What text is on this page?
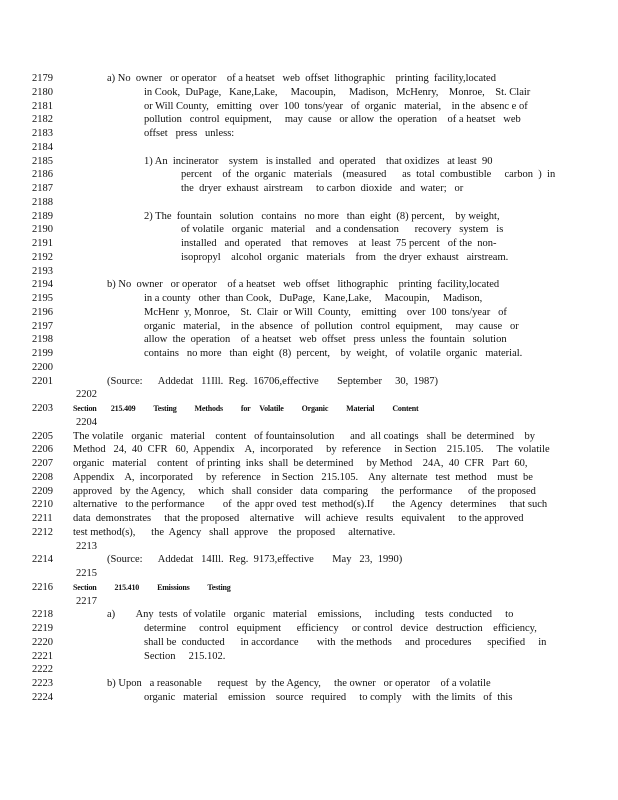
2179	a) No  owner   or operator    of a heatset   web  offset  lithographic    printing  facility,located
2180	in Cook,  DuPage,   Kane,Lake,     Macoupin,     Madison,   McHenry,    Monroe,    St. Clair
2181	or Will County,   emitting   over  100  tons/year   of  organic   material,    in the  absenc e of
2182	pollution   control  equipment,     may  cause   or allow  the  operation    of a heatset   web
2183	offset   press   unless:
2184
2185	1) An  incinerator    system   is installed   and  operated    that oxidizes   at least  90
2186	percent    of  the  organic   materials    (measured      as  total  combustible     carbon  )  in
2187	the  dryer  exhaust  airstream     to carbon  dioxide   and  water;   or
2188
2189	2) The  fountain   solution   contains   no more   than  eight  (8) percent,    by weight,
2190	of volatile   organic   material    and  a condensation      recovery   system   is
2191	installed   and  operated    that  removes    at  least  75 percent   of the  non-
2192	isopropyl    alcohol  organic   materials    from   the dryer  exhaust   airstream.
2193
2194	b) No  owner   or operator    of a heatset   web  offset   lithographic    printing  facility,located
2195	in a county   other  than Cook,   DuPage,   Kane,Lake,     Macoupin,     Madison,
2196	McHenr  y, Monroe,    St.  Clair  or Will  County,    emitting    over  100  tons/year   of
2197	organic   material,    in the  absence   of  pollution   control  equipment,     may  cause   or
2198	allow  the  operation    of  a heatset   web  offset   press  unless  the  fountain   solution
2199	contains   no more   than  eight  (8)  percent,    by  weight,   of  volatile  organic   material.
2200
2201	(Source:      Addedat   11Ill.  Reg.  16706,effective       September     30,  1987)
2202
2203	Section        215.409          Testing          Methods          for     Volatile          Organic          Material          Content
2204
2205	The volatile   organic   material    content   of fountainsolution      and  all coatings   shall  be  determined    by
2206	Method   24,  40  CFR   60,  Appendix    A,  incorporated     by  reference     in Section    215.105.     The  volatile
2207	organic   material    content   of printing  inks  shall  be determined     by Method    24A,  40  CFR   Part  60,
2208	Appendix    A,  incorporated     by  reference    in Section   215.105.    Any  alternate   test  method    must  be
2209	approved   by  the Agency,     which   shall  consider   data  comparing     the  performance      of  the proposed
2210	alternative   to the performance       of  the  appr oved  test  method(s).If       the  Agency   determines     that such
2211	data  demonstrates     that  the proposed    alternative    will  achieve   results   equivalent     to the approved
2212	test method(s),      the  Agency   shall  approve    the  proposed     alternative.
2213
2214	(Source:      Addedat   14Ill.  Reg.  9173,effective       May   23,  1990)
2215
2216	Section          215.410          Emissions          Testing
2217
2218	a)        Any  tests  of volatile   organic   material    emissions,     including    tests  conducted     to
2219	determine     control   equipment      efficiency     or control   device   destruction    efficiency,
2220	shall be  conducted      in accordance       with  the methods     and  procedures      specified     in
2221	Section     215.102.
2222
2223	b) Upon   a reasonable      request   by  the Agency,     the owner   or operator    of a volatile
2224	organic   material    emission    source   required     to comply    with  the limits   of  this
